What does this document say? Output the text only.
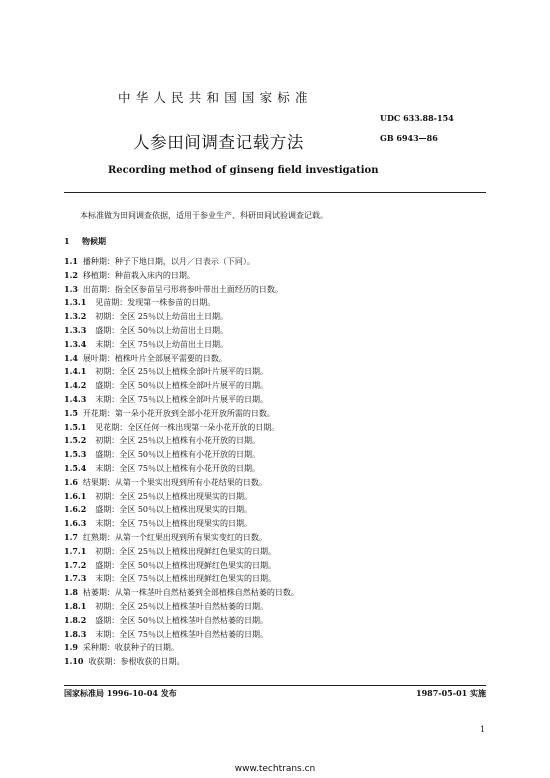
中华人民共和国国家标准
UDC 633.88-154
人参田间调查记载方法	GB 6943—86
Recording method of ginseng field investigation
本标准做为田间调查依据，适用于参业生产、科研田间试验调查记载。
1 物候期
1.1 播种期：种子下地日期，以月／日表示（下同）。
1.2 移植期：种苗栽入床内的日期。
1.3 出苗期：指全区参苗呈弓形将参叶带出土面经历的日数。
1.3.1 见苗期：发现第一株参苗的日期。
1.3.2 初期：全区 25％以上幼苗出土日期。
1.3.3 盛期：全区 50％以上幼苗出土日期。
1.3.4 末期：全区 75％以上幼苗出土日期。
1.4 展叶期：植株叶片全部展平需要的日数。
1.4.1 初期：全区 25％以上植株全部叶片展平的日期。
1.4.2 盛期：全区 50％以上植株全部叶片展平的日期。
1.4.3 末期：全区 75％以上植株全部叶片展平的日期。
1.5 开花期：第一朵小花开放到全部小花开放所需的日数。
1.5.1 见花期：全区任何一株出现第一朵小花开放的日期。
1.5.2 初期：全区 25％以上植株有小花开放的日期。
1.5.3 盛期：全区 50％以上植株有小花开放的日期。
1.5.4 末期：全区 75％以上植株有小花开放的日期。
1.6 结果期：从第一个果实出现到所有小花结果的日数。
1.6.1 初期：全区 25％以上植株出现果实的日期。
1.6.2 盛期：全区 50％以上植株出现果实的日期。
1.6.3 末期：全区 75％以上植株出现果实的日期。
1.7 红熟期：从第一个红果出现到所有果实变红的日数。
1.7.1 初期：全区 25％以上植株出现鲜红色果实的日期。
1.7.2 盛期：全区 50％以上植株出现鲜红色果实的日期。
1.7.3 末期：全区 75％以上植株出现鲜红色果实的日期。
1.8 枯萎期：从第一株茎叶自然枯萎到全部植株自然枯萎的日数。
1.8.1 初期：全区 25％以上植株茎叶自然枯萎的日期。
1.8.2 盛期：全区 50％以上植株茎叶自然枯萎的日期。
1.8.3 末期：全区 75％以上植株茎叶自然枯萎的日期。
1.9 采种期：收获种子的日期。
1.10 收获期：参根收获的日期。
国家标准局 1996-10-04 发布	1987-05-01 实施
1
www.techtrans.cn
